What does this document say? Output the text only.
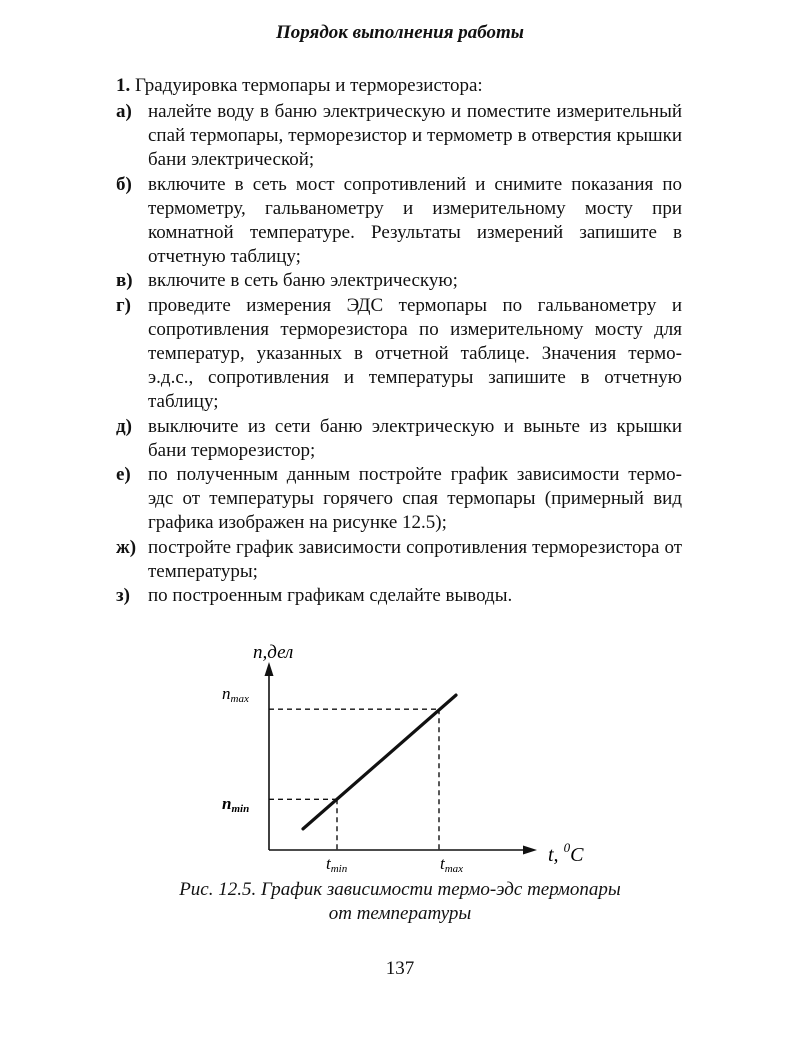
Порядок выполнения работы
1. Градуировка термопары и терморезистора:
а) налейте воду в баню электрическую и поместите измерительный спай термопары, терморезистор и термометр в отверстия крышки бани электрической;
б) включите в сеть мост сопротивлений и снимите показания по термометру, гальванометру и измерительному мосту при комнатной температуре. Результаты измерений запишите в отчетную таблицу;
в) включите в сеть баню электрическую;
г) проведите измерения ЭДС термопары по гальванометру и сопротивления терморезистора по измерительному мосту для температур, указанных в отчетной таблице. Значения термо-э.д.с., сопротивления и температуры запишите в отчетную таблицу;
д) выключите из сети баню электрическую и выньте из крышки бани терморезистор;
е) по полученным данным постройте график зависимости термо-эдс от температуры горячего спая термопары (примерный вид графика изображен на рисунке 12.5);
ж) постройте график зависимости сопротивления терморезистора от температуры;
з) по построенным графикам сделайте выводы.
n,дел
t, $^0$C
nmax
nmin
tmin	tmax
Рис. 12.5. График зависимости термо-эдс термопары
от температуры
137
